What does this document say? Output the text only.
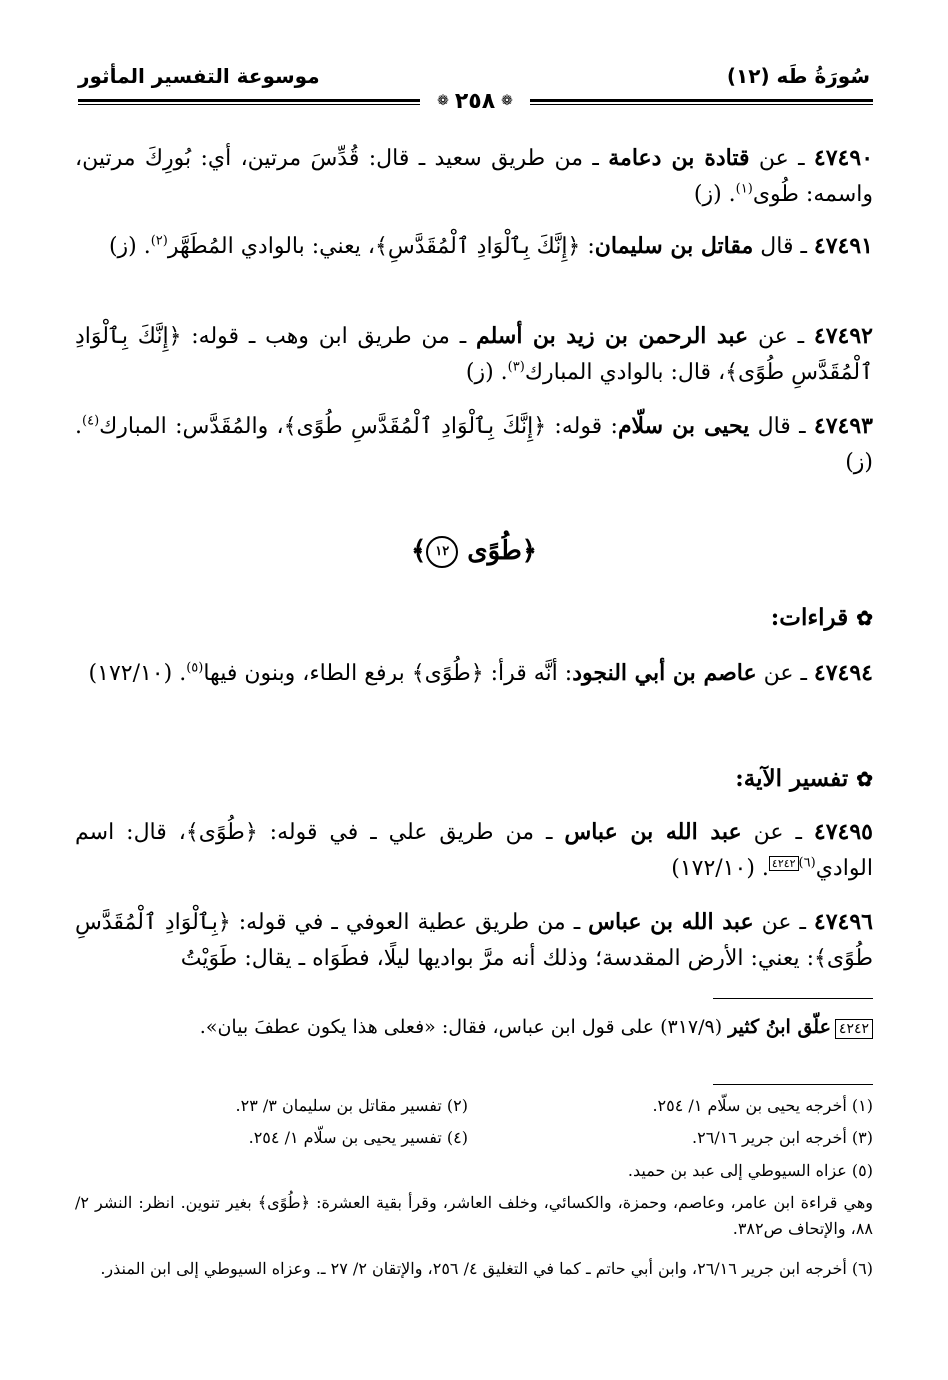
سُورَةُ طَه (١٢)
موسوعة التفسير المأثور
❁
٢٥٨
❁
٤٧٤٩٠ ـ عن قتادة بن دعامة ـ من طريق سعيد ـ قال: قُدِّسَ مرتين، أي: بُورِكَ مرتين، واسمه: طُوى$^{(١)}$. (ز)
٤٧٤٩١ ـ قال مقاتل بن سليمان: ﴿إِنَّكَ بِٱلْوَادِ ٱلْمُقَدَّسِ﴾، يعني: بالوادي المُطَهَّر$^{(٢)}$. (ز)
٤٧٤٩٢ ـ عن عبد الرحمن بن زيد بن أسلم ـ من طريق ابن وهب ـ قوله: ﴿إِنَّكَ بِٱلْوَادِ ٱلْمُقَدَّسِ طُوًى﴾، قال: بالوادي المبارك$^{(٣)}$. (ز)
٤٧٤٩٣ ـ قال يحيى بن سلّام: قوله: ﴿إِنَّكَ بِٱلْوَادِ ٱلْمُقَدَّسِ طُوًى﴾، والمُقَدَّس: المبارك$^{(٤)}$. (ز)
﴿طُوًى ١٢﴾
✿قراءات:
٤٧٤٩٤ ـ عن عاصم بن أبي النجود: أنَّه قرأ: ﴿طُوًى﴾ برفع الطاء، وبنون فيها$^{(٥)}$. (١٧٢/١٠)
✿تفسير الآية:
٤٧٤٩٥ ـ عن عبد الله بن عباس ـ من طريق علي ـ في قوله: ﴿طُوًى﴾، قال: اسم الوادي$^{(٦)٤٢٤٢}$. (١٧٢/١٠)
٤٧٤٩٦ ـ عن عبد الله بن عباس ـ من طريق عطية العوفي ـ في قوله: ﴿بِٱلْوَادِ ٱلْمُقَدَّسِ طُوًى﴾: يعني: الأرض المقدسة؛ وذلك أنه مرَّ بواديها ليلًا، فطَوَاه ـ يقال: طَوَيْتُ
٤٢٤٢علّق ابنُ كثير (٣١٧/٩) على قول ابن عباس، فقال: «فعلى هذا يكون عطفَ بيان».
(١) أخرجه يحيى بن سلّام ١/ ٢٥٤.
(٢) تفسير مقاتل بن سليمان ٣/ ٢٣.
(٣) أخرجه ابن جرير ٢٦/١٦.
(٤) تفسير يحيى بن سلّام ١/ ٢٥٤.
(٥) عزاه السيوطي إلى عبد بن حميد.
وهي قراءة ابن عامر، وعاصم، وحمزة، والكسائي، وخلف العاشر، وقرأ بقية العشرة: ﴿طُوًى﴾ بغير تنوين. انظر: النشر ٢/ ٨٨، والإتحاف ص٣٨٢.
(٦) أخرجه ابن جرير ٢٦/١٦، وابن أبي حاتم ـ كما في التغليق ٤/ ٢٥٦، والإتقان ٢/ ٢٧ ـ. وعزاه السيوطي إلى ابن المنذر.
